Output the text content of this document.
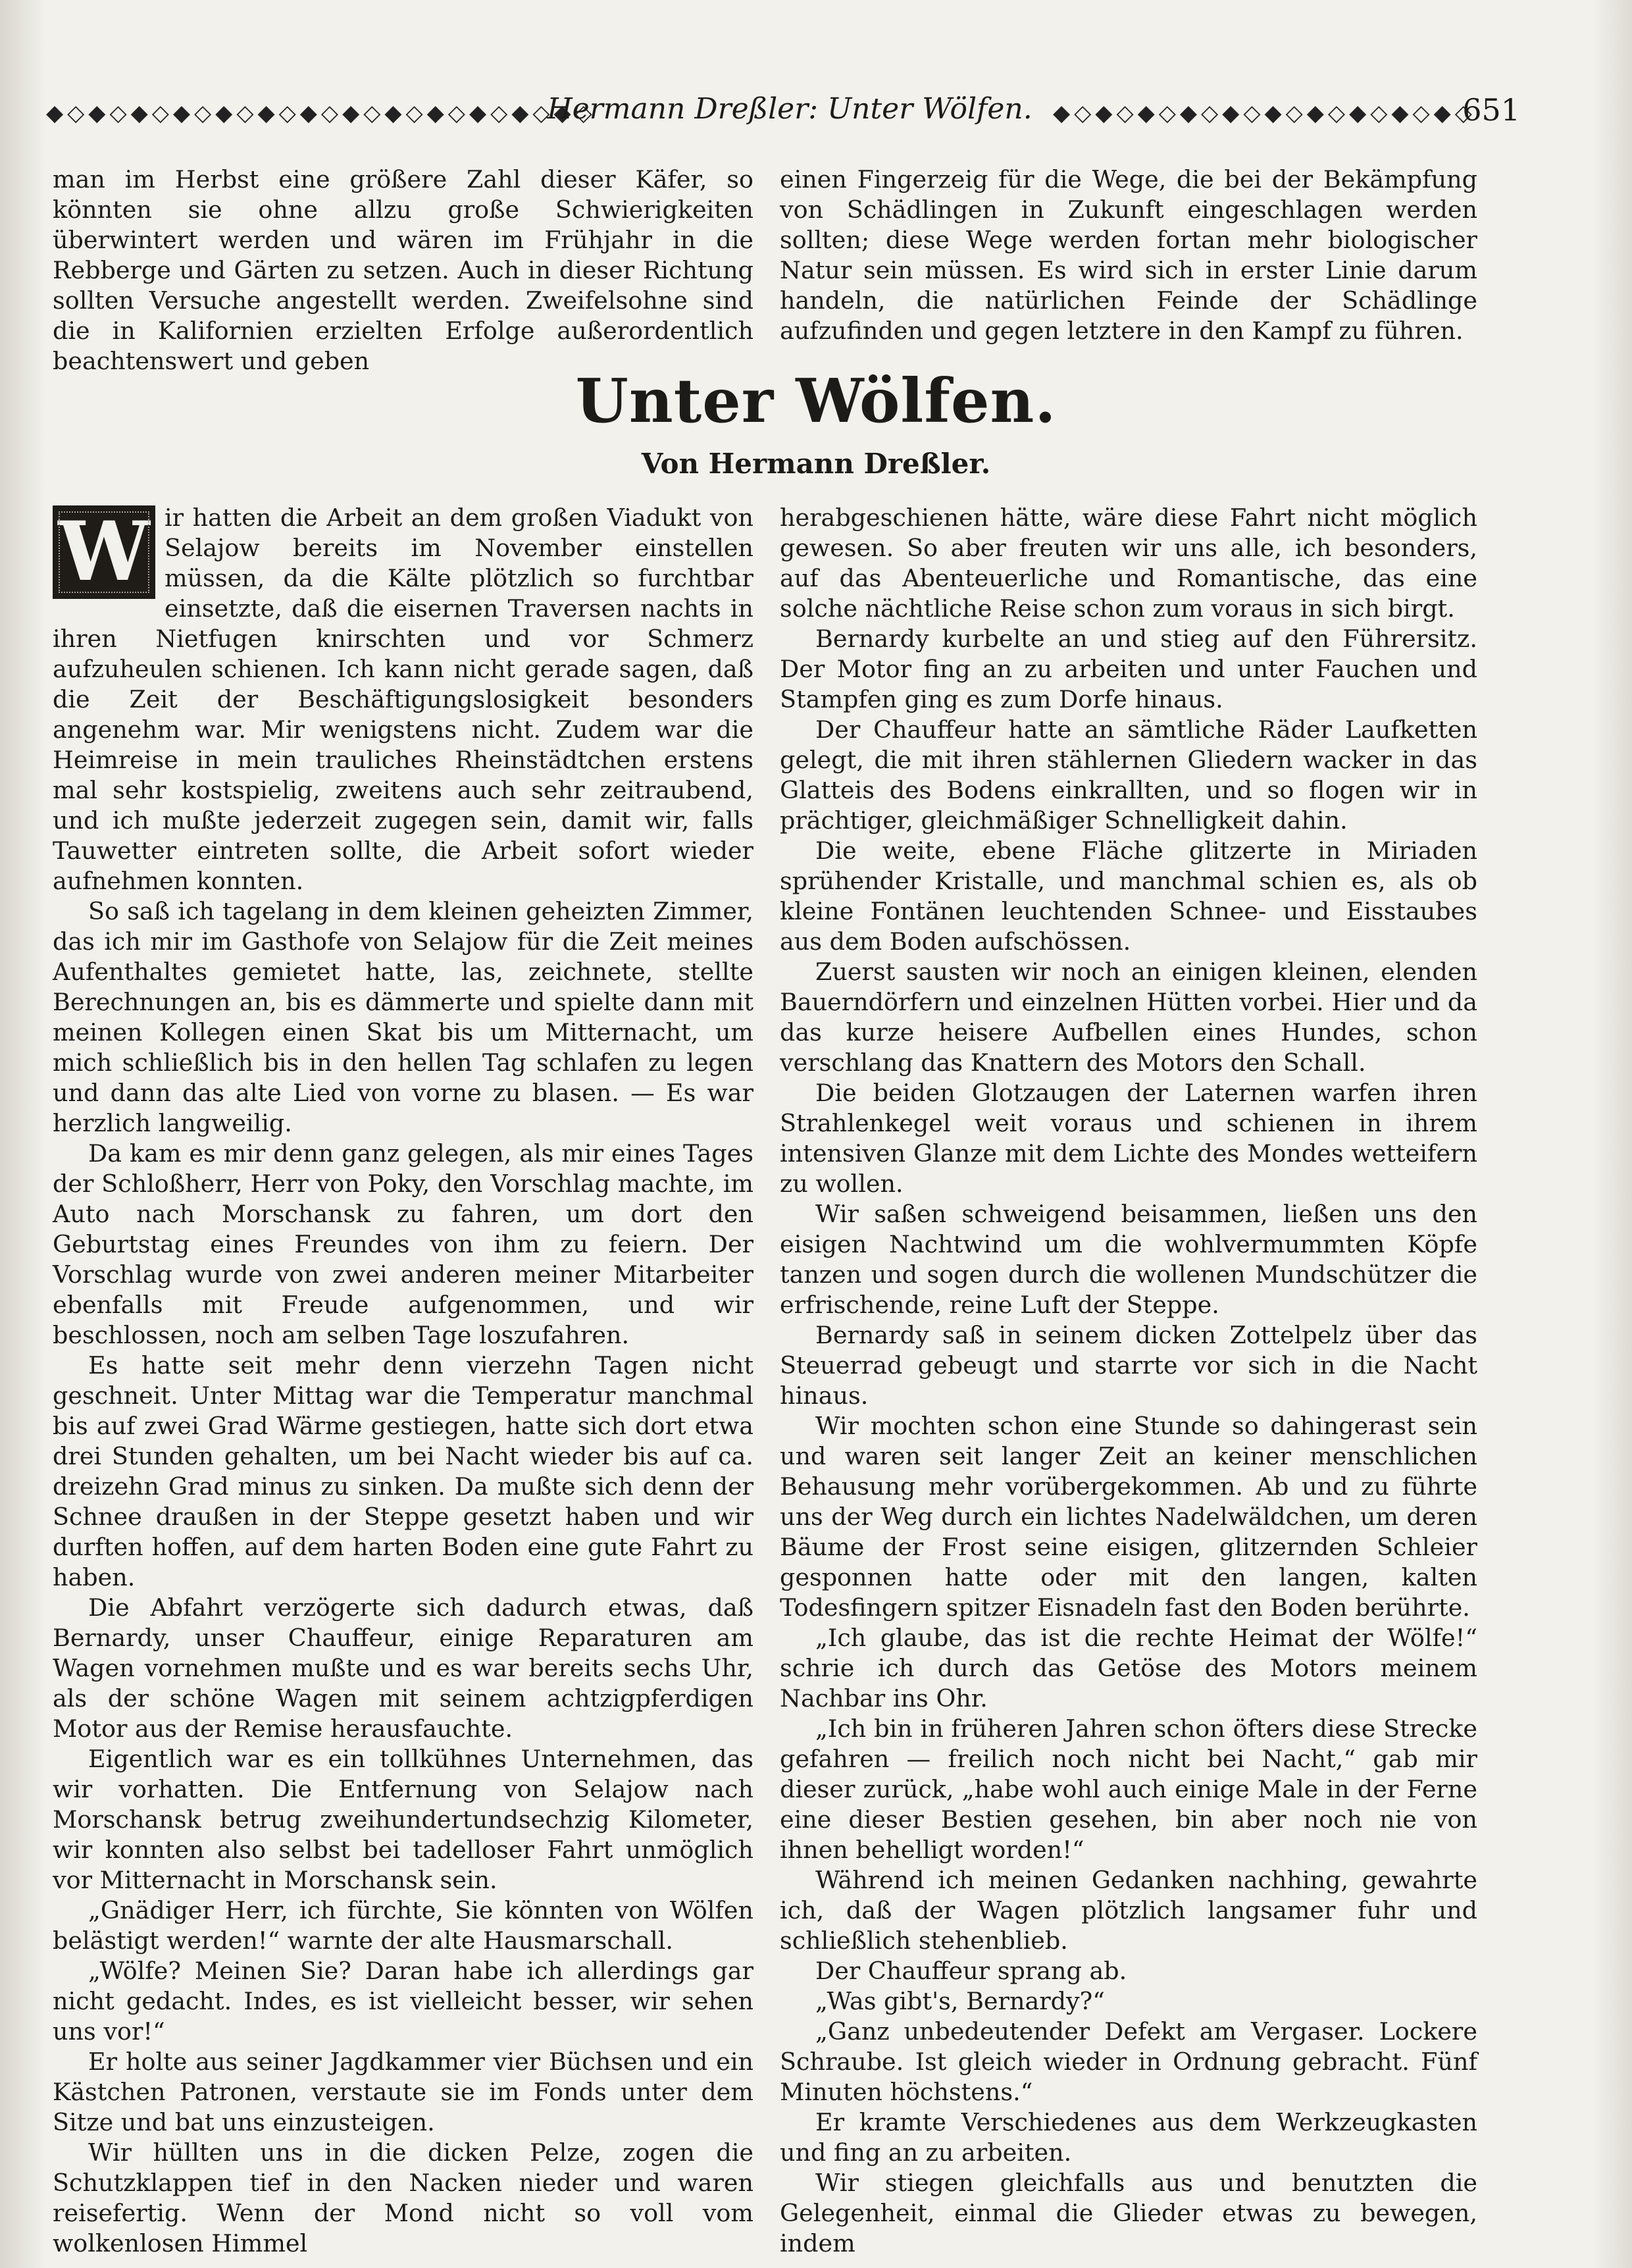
◆◇◆◇◆◇◆◇◆◇◆◇◆◇◆◇◆◇◆◇◆◇◆◇◆◇
Hermann Dreßler: Unter Wölfen. ◆◇◆◇◆◇◆◇◆◇◆◇◆◇◆◇◆◇◆◇
651

man im Herbst eine größere Zahl dieser Käfer, so könnten sie ohne allzu große Schwierigkeiten überwintert werden und wären im Frühjahr in die Rebberge und Gärten zu setzen. Auch in dieser Richtung sollten Versuche angestellt werden. Zweifelsohne sind die in Kalifornien erzielten Erfolge außerordentlich beachtenswert und geben

einen Fingerzeig für die Wege, die bei der Bekämpfung von Schädlingen in Zukunft eingeschlagen werden sollten; diese Wege werden fortan mehr biologischer Natur sein müssen. Es wird sich in erster Linie darum handeln, die natürlichen Feinde der Schädlinge aufzufinden und gegen letztere in den Kampf zu führen.

Unter Wölfen.
Von Hermann Dreßler.
W ir hatten die Arbeit an dem großen Viadukt von Selajow bereits im November einstellen müssen, da die Kälte plötzlich so furchtbar einsetzte, daß die eisernen Traversen nachts in ihren Nietfugen knirschten und vor Schmerz aufzuheulen schienen. Ich kann nicht gerade sagen, daß die Zeit der Beschäftigungslosigkeit besonders angenehm war. Mir wenigstens nicht. Zudem war die Heimreise in mein trauliches Rheinstädtchen erstens mal sehr kostspielig, zweitens auch sehr zeitraubend, und ich mußte jederzeit zugegen sein, damit wir, falls Tauwetter eintreten sollte, die Arbeit sofort wieder aufnehmen konnten.

So saß ich tagelang in dem kleinen geheizten Zimmer, das ich mir im Gasthofe von Selajow für die Zeit meines Aufenthaltes gemietet hatte, las, zeichnete, stellte Berechnungen an, bis es dämmerte und spielte dann mit meinen Kollegen einen Skat bis um Mitternacht, um mich schließlich bis in den hellen Tag schlafen zu legen und dann das alte Lied von vorne zu blasen. — Es war herzlich langweilig.

Da kam es mir denn ganz gelegen, als mir eines Tages der Schloßherr, Herr von Poky, den Vorschlag machte, im Auto nach Morschansk zu fahren, um dort den Geburtstag eines Freundes von ihm zu feiern. Der Vorschlag wurde von zwei anderen meiner Mitarbeiter ebenfalls mit Freude aufgenommen, und wir beschlossen, noch am selben Tage loszufahren.

Es hatte seit mehr denn vierzehn Tagen nicht geschneit. Unter Mittag war die Temperatur manchmal bis auf zwei Grad Wärme gestiegen, hatte sich dort etwa drei Stunden gehalten, um bei Nacht wieder bis auf ca. dreizehn Grad minus zu sinken. Da mußte sich denn der Schnee draußen in der Steppe gesetzt haben und wir durften hoffen, auf dem harten Boden eine gute Fahrt zu haben.

Die Abfahrt verzögerte sich dadurch etwas, daß Bernardy, unser Chauffeur, einige Reparaturen am Wagen vornehmen mußte und es war bereits sechs Uhr, als der schöne Wagen mit seinem achtzigpferdigen Motor aus der Remise herausfauchte.

Eigentlich war es ein tollkühnes Unternehmen, das wir vorhatten. Die Entfernung von Selajow nach Morschansk betrug zweihundertundsechzig Kilometer, wir konnten also selbst bei tadelloser Fahrt unmöglich vor Mitternacht in Morschansk sein.

„Gnädiger Herr, ich fürchte, Sie könnten von Wölfen belästigt werden!“ warnte der alte Hausmarschall.

„Wölfe? Meinen Sie? Daran habe ich allerdings gar nicht gedacht. Indes, es ist vielleicht besser, wir sehen uns vor!“

Er holte aus seiner Jagdkammer vier Büchsen und ein Kästchen Patronen, verstaute sie im Fonds unter dem Sitze und bat uns einzusteigen.

Wir hüllten uns in die dicken Pelze, zogen die Schutzklappen tief in den Nacken nieder und waren reisefertig. Wenn der Mond nicht so voll vom wolkenlosen Himmel

herabgeschienen hätte, wäre diese Fahrt nicht möglich gewesen. So aber freuten wir uns alle, ich besonders, auf das Abenteuerliche und Romantische, das eine solche nächtliche Reise schon zum voraus in sich birgt.

Bernardy kurbelte an und stieg auf den Führersitz. Der Motor fing an zu arbeiten und unter Fauchen und Stampfen ging es zum Dorfe hinaus.

Der Chauffeur hatte an sämtliche Räder Laufketten gelegt, die mit ihren stählernen Gliedern wacker in das Glatteis des Bodens einkrallten, und so flogen wir in prächtiger, gleichmäßiger Schnelligkeit dahin.

Die weite, ebene Fläche glitzerte in Miriaden sprühender Kristalle, und manchmal schien es, als ob kleine Fontänen leuchtenden Schnee- und Eisstaubes aus dem Boden aufschössen.

Zuerst sausten wir noch an einigen kleinen, elenden Bauerndörfern und einzelnen Hütten vorbei. Hier und da das kurze heisere Aufbellen eines Hundes, schon verschlang das Knattern des Motors den Schall.

Die beiden Glotzaugen der Laternen warfen ihren Strahlenkegel weit voraus und schienen in ihrem intensiven Glanze mit dem Lichte des Mondes wetteifern zu wollen.

Wir saßen schweigend beisammen, ließen uns den eisigen Nachtwind um die wohlvermummten Köpfe tanzen und sogen durch die wollenen Mundschützer die erfrischende, reine Luft der Steppe.

Bernardy saß in seinem dicken Zottelpelz über das Steuerrad gebeugt und starrte vor sich in die Nacht hinaus.

Wir mochten schon eine Stunde so dahingerast sein und waren seit langer Zeit an keiner menschlichen Behausung mehr vorübergekommen. Ab und zu führte uns der Weg durch ein lichtes Nadelwäldchen, um deren Bäume der Frost seine eisigen, glitzernden Schleier gesponnen hatte oder mit den langen, kalten Todesfingern spitzer Eisnadeln fast den Boden berührte.

„Ich glaube, das ist die rechte Heimat der Wölfe!“ schrie ich durch das Getöse des Motors meinem Nachbar ins Ohr.

„Ich bin in früheren Jahren schon öfters diese Strecke gefahren — freilich noch nicht bei Nacht,“ gab mir dieser zurück, „habe wohl auch einige Male in der Ferne eine dieser Bestien gesehen, bin aber noch nie von ihnen behelligt worden!“

Während ich meinen Gedanken nachhing, gewahrte ich, daß der Wagen plötzlich langsamer fuhr und schließlich stehenblieb.

Der Chauffeur sprang ab.

„Was gibt's, Bernardy?“

„Ganz unbedeutender Defekt am Vergaser. Lockere Schraube. Ist gleich wieder in Ordnung gebracht. Fünf Minuten höchstens.“

Er kramte Verschiedenes aus dem Werkzeugkasten und fing an zu arbeiten.

Wir stiegen gleichfalls aus und benutzten die Gelegenheit, einmal die Glieder etwas zu bewegen, indem
